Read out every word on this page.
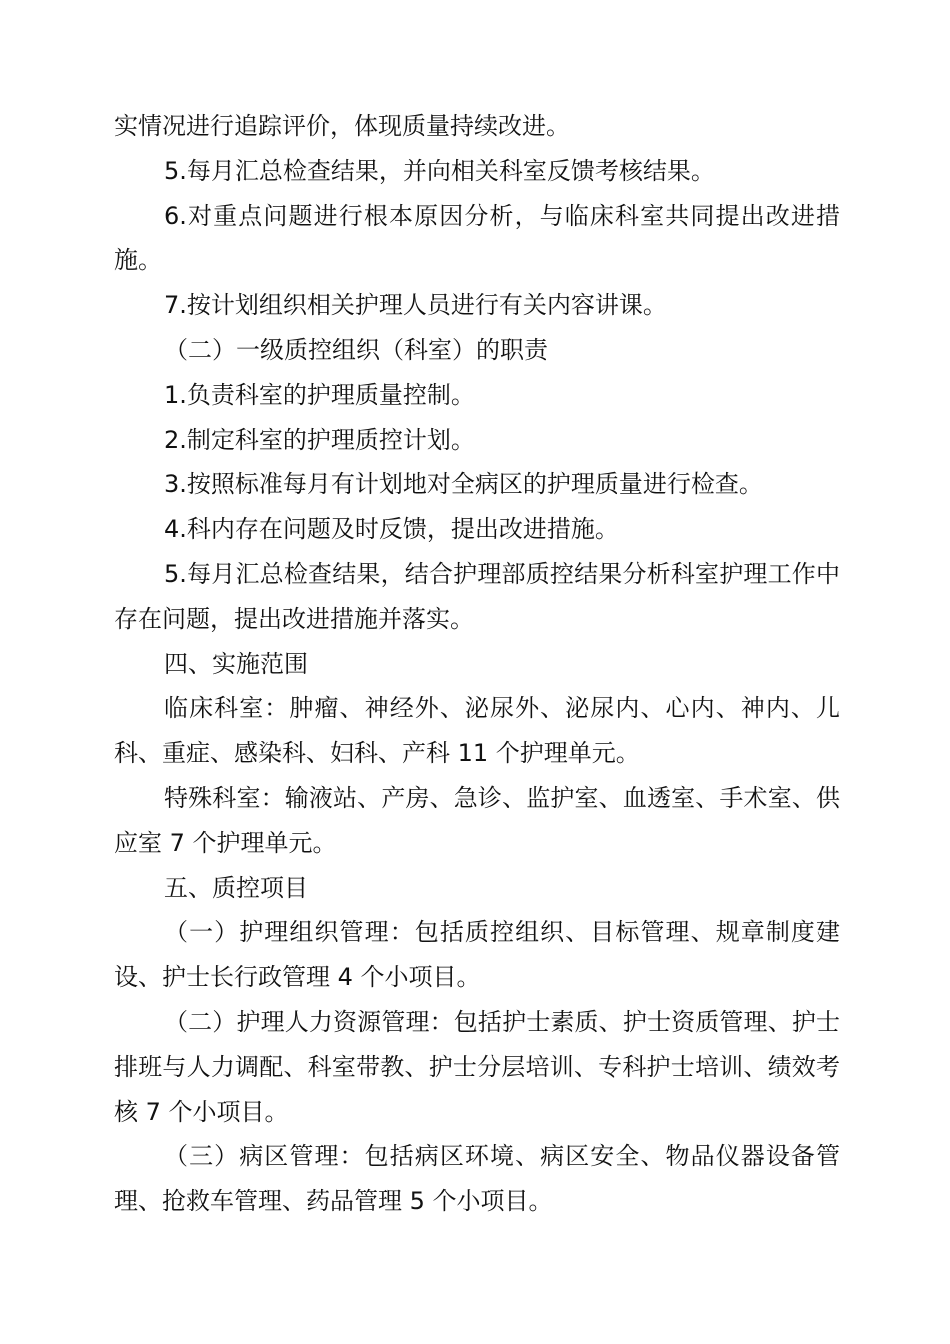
实情况进行追踪评价，体现质量持续改进。

5.每月汇总检查结果，并向相关科室反馈考核结果。

6.对重点问题进行根本原因分析，与临床科室共同提出改进措施。

7.按计划组织相关护理人员进行有关内容讲课。

（二）一级质控组织（科室）的职责

1.负责科室的护理质量控制。

2.制定科室的护理质控计划。

3.按照标准每月有计划地对全病区的护理质量进行检查。

4.科内存在问题及时反馈，提出改进措施。

5.每月汇总检查结果，结合护理部质控结果分析科室护理工作中存在问题，提出改进措施并落实。

四、实施范围

临床科室：肿瘤、神经外、泌尿外、泌尿内、心内、神内、儿科、重症、感染科、妇科、产科 11 个护理单元。

特殊科室：输液站、产房、急诊、监护室、血透室、手术室、供应室 7 个护理单元。

五、质控项目

（一）护理组织管理：包括质控组织、目标管理、规章制度建设、护士长行政管理 4 个小项目。

（二）护理人力资源管理：包括护士素质、护士资质管理、护士排班与人力调配、科室带教、护士分层培训、专科护士培训、绩效考核 7 个小项目。

（三）病区管理：包括病区环境、病区安全、物品仪器设备管理、抢救车管理、药品管理 5 个小项目。
